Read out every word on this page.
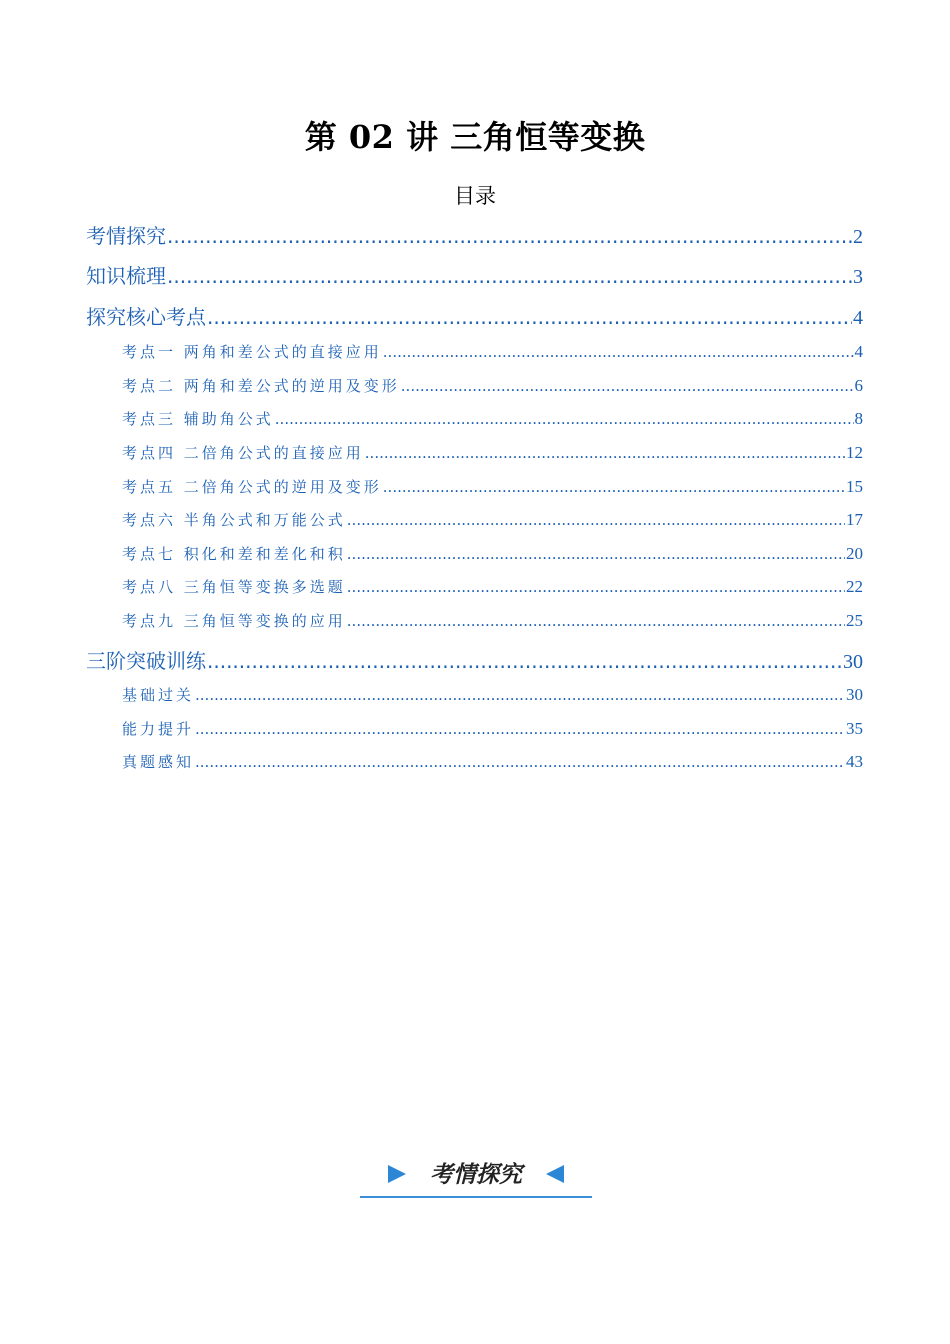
第 02 讲 三角恒等变换
目录
考情探究 .....	2
知识梳理 .....	3
探究核心考点 .....	4
考点一 两角和差公式的直接应用 .....	4
考点二 两角和差公式的逆用及变形 .....	6
考点三 辅助角公式 .....	8
考点四 二倍角公式的直接应用 .....	12
考点五 二倍角公式的逆用及变形 .....	15
考点六 半角公式和万能公式 .....	17
考点七 积化和差和差化和积 .....	20
考点八 三角恒等变换多选题 .....	22
考点九 三角恒等变换的应用 .....	25
三阶突破训练 .....	30
基础过关 .....	30
能力提升 .....	35
真题感知 .....	43
考情探究
